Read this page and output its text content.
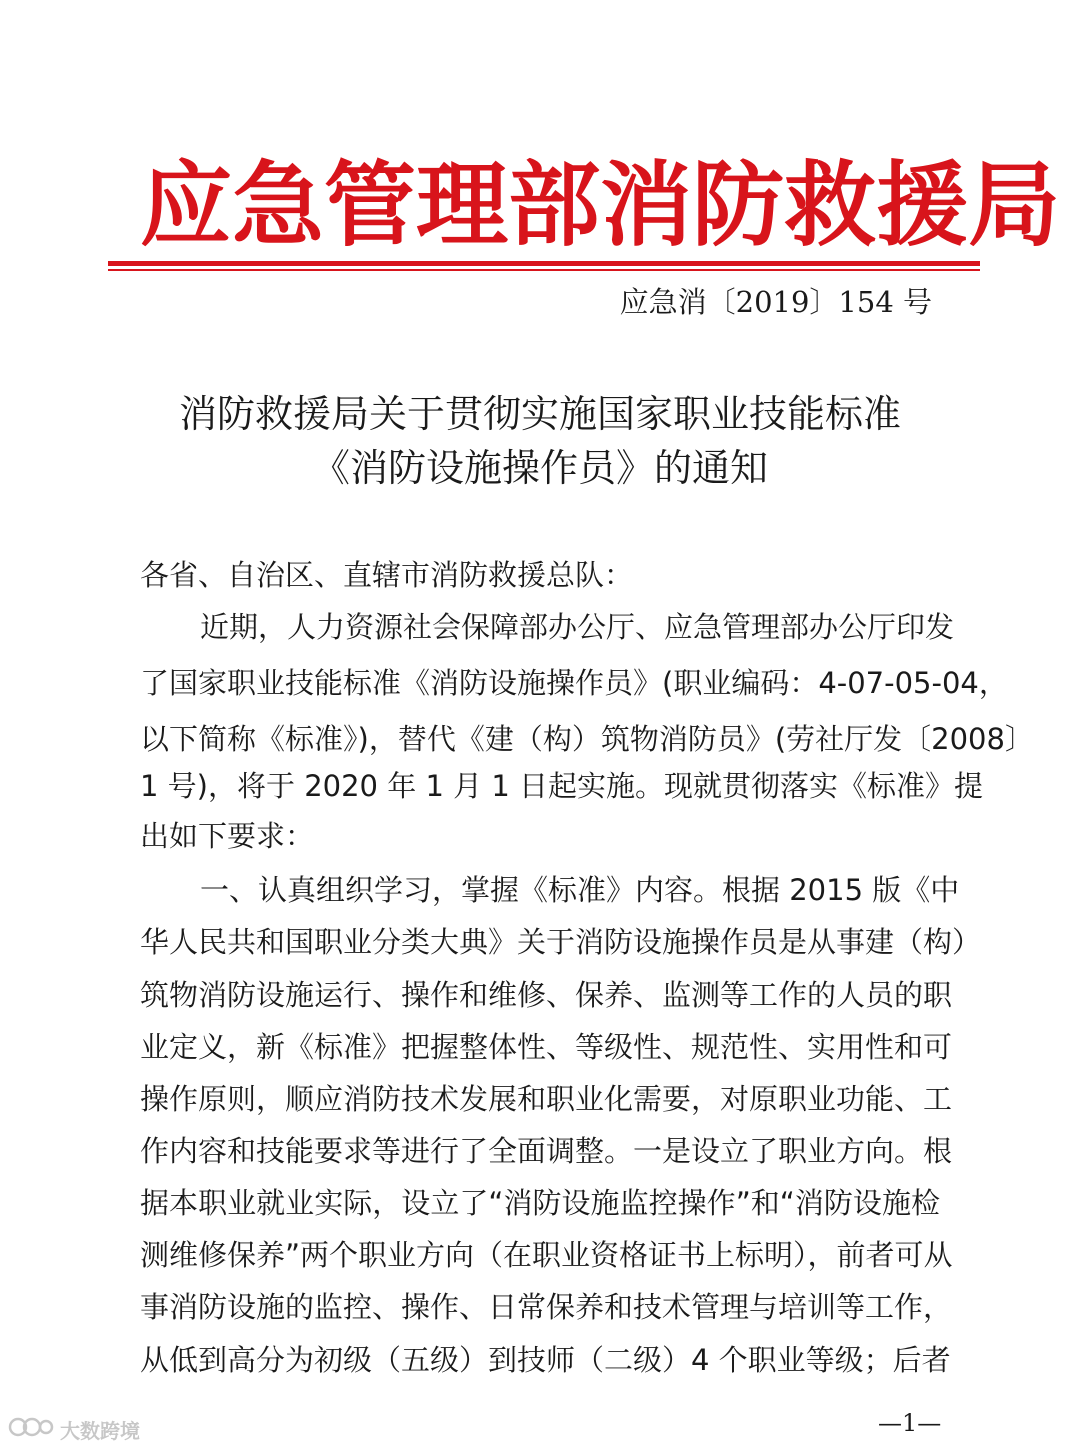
应 急 管 理 部 消 防 救 援 局
应急消〔2019〕154 号
消防救援局关于贯彻实施国家职业技能标准
《消防设施操作员》的通知
各省、自治区、直辖市消防救援总队：
近期，人力资源社会保障部办公厅、应急管理部办公厅印发
了国家职业技能标准《消防设施操作员》(职业编码：4-07-05-04，
以下简称《标准》)，替代《建（构）筑物消防员》(劳社厅发〔2008〕
1 号)，将于 2020 年 1 月 1 日起实施。现就贯彻落实《标准》提
出如下要求：
一、认真组织学习，掌握《标准》内容。根据 2015 版《中
华人民共和国职业分类大典》关于消防设施操作员是从事建（构）
筑物消防设施运行、操作和维修、保养、监测等工作的人员的职
业定义，新《标准》把握整体性、等级性、规范性、实用性和可
操作原则，顺应消防技术发展和职业化需要，对原职业功能、工
作内容和技能要求等进行了全面调整。一是设立了职业方向。根
据本职业就业实际，设立了“消防设施监控操作”和“消防设施检
测维修保养”两个职业方向（在职业资格证书上标明），前者可从
事消防设施的监控、操作、日常保养和技术管理与培训等工作，
从低到高分为初级（五级）到技师（二级）4 个职业等级；后者
—1—
大数跨境
